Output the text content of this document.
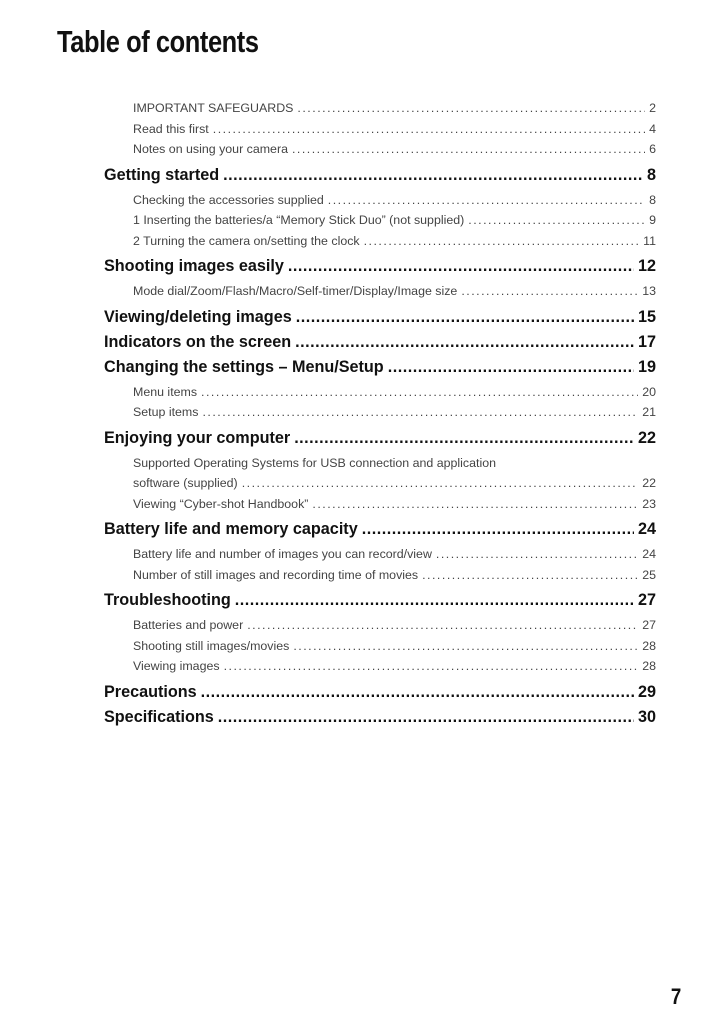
Table of contents
IMPORTANT SAFEGUARDS .....	2
Read this first .....	4
Notes on using your camera .....	6
Getting started .....	8
Checking the accessories supplied .....	8
1 Inserting the batteries/a “Memory Stick Duo” (not supplied) .....	9
2 Turning the camera on/setting the clock .....	11
Shooting images easily .....	12
Mode dial/Zoom/Flash/Macro/Self-timer/Display/Image size .....	13
Viewing/deleting images .....	15
Indicators on the screen .....	17
Changing the settings – Menu/Setup .....	19
Menu items .....	20
Setup items .....	21
Enjoying your computer .....	22
Supported Operating Systems for USB connection and application
software (supplied) .....	22
Viewing “Cyber-shot Handbook” .....	23
Battery life and memory capacity .....	24
Battery life and number of images you can record/view .....	24
Number of still images and recording time of movies .....	25
Troubleshooting .....	27
Batteries and power .....	27
Shooting still images/movies .....	28
Viewing images .....	28
Precautions .....	29
Specifications .....	30
7
